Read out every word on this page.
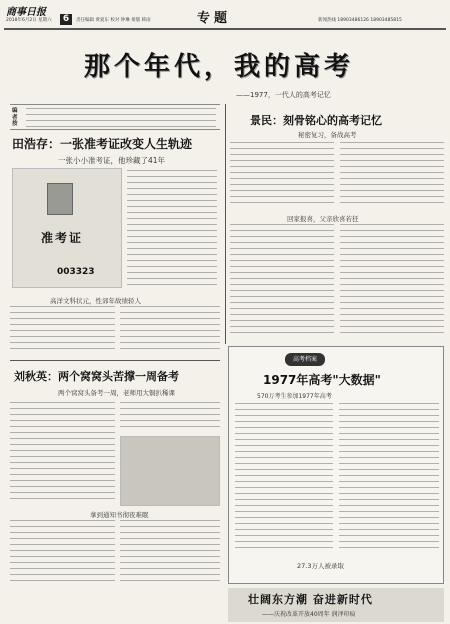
商事日报
2018年6月2日 星期六	6	责任编辑 黄爱东 校对 钟琳 排版 韩雨	专题	新闻热线 18903486126 18903485815
那个年代，我的高考
——1977，一代人的高考记忆
编者按
田浩存：一张准考证改变人生轨迹
一张小小准考证，他珍藏了41年
准考证
003323
高洋文科状元，性郊年故绩轿人
景民：刻骨铭心的高考记忆
秘密复习，备战高考
回家报喜，父亲欣喜若狂
刘秋英：两个窝窝头苦撑一周备考
两个窝窝头备考一周，老师用大铜扒稀课
拿到通知书彻夜难眠
高考档案
1977年高考"大数据"
570万考生参加1977年高考
27.3万人被录取
壮阔东方潮 奋进新时代
——庆祝改革开放40周年 润泽印痕
